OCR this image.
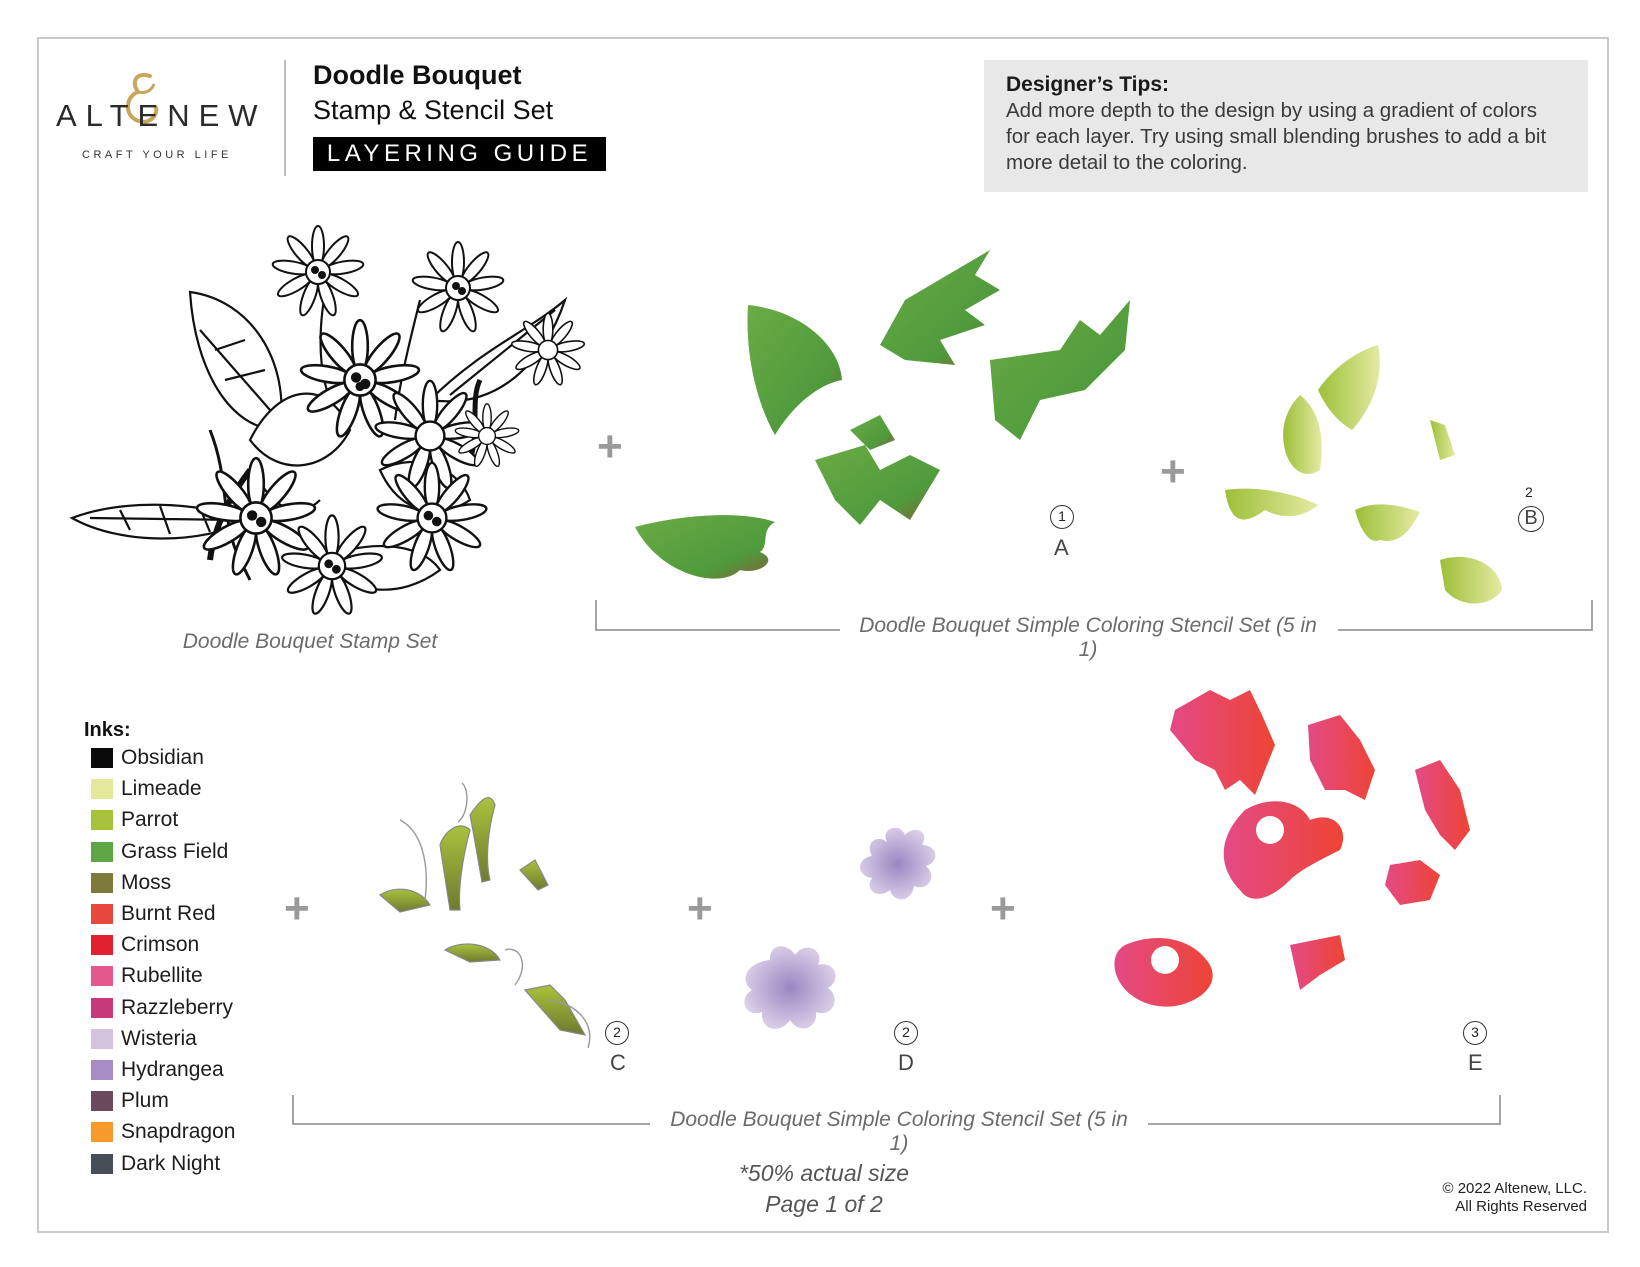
ALTENEW
CRAFT YOUR LIFE
Doodle Bouquet
Stamp & Stencil Set
LAYERING GUIDE
Designer’s Tips:
Add more depth to the design by using a gradient of colors
for each layer. Try using small blending brushes to add a bit
more detail to the coloring.
Doodle Bouquet Stamp Set
Doodle Bouquet Simple Coloring Stencil Set (5 in 1)
Doodle Bouquet Simple Coloring Stencil Set (5 in 1)
+
+
+	+	+
1
A
2
B
2
C
2
D
3
E
Inks:
Obsidian
Limeade
Parrot
Grass Field
Moss
Burnt Red
Crimson
Rubellite
Razzleberry
Wisteria
Hydrangea
Plum
Snapdragon
Dark Night	*50% actual size
Page 1 of 2
© 2022 Altenew, LLC.
All Rights Reserved
